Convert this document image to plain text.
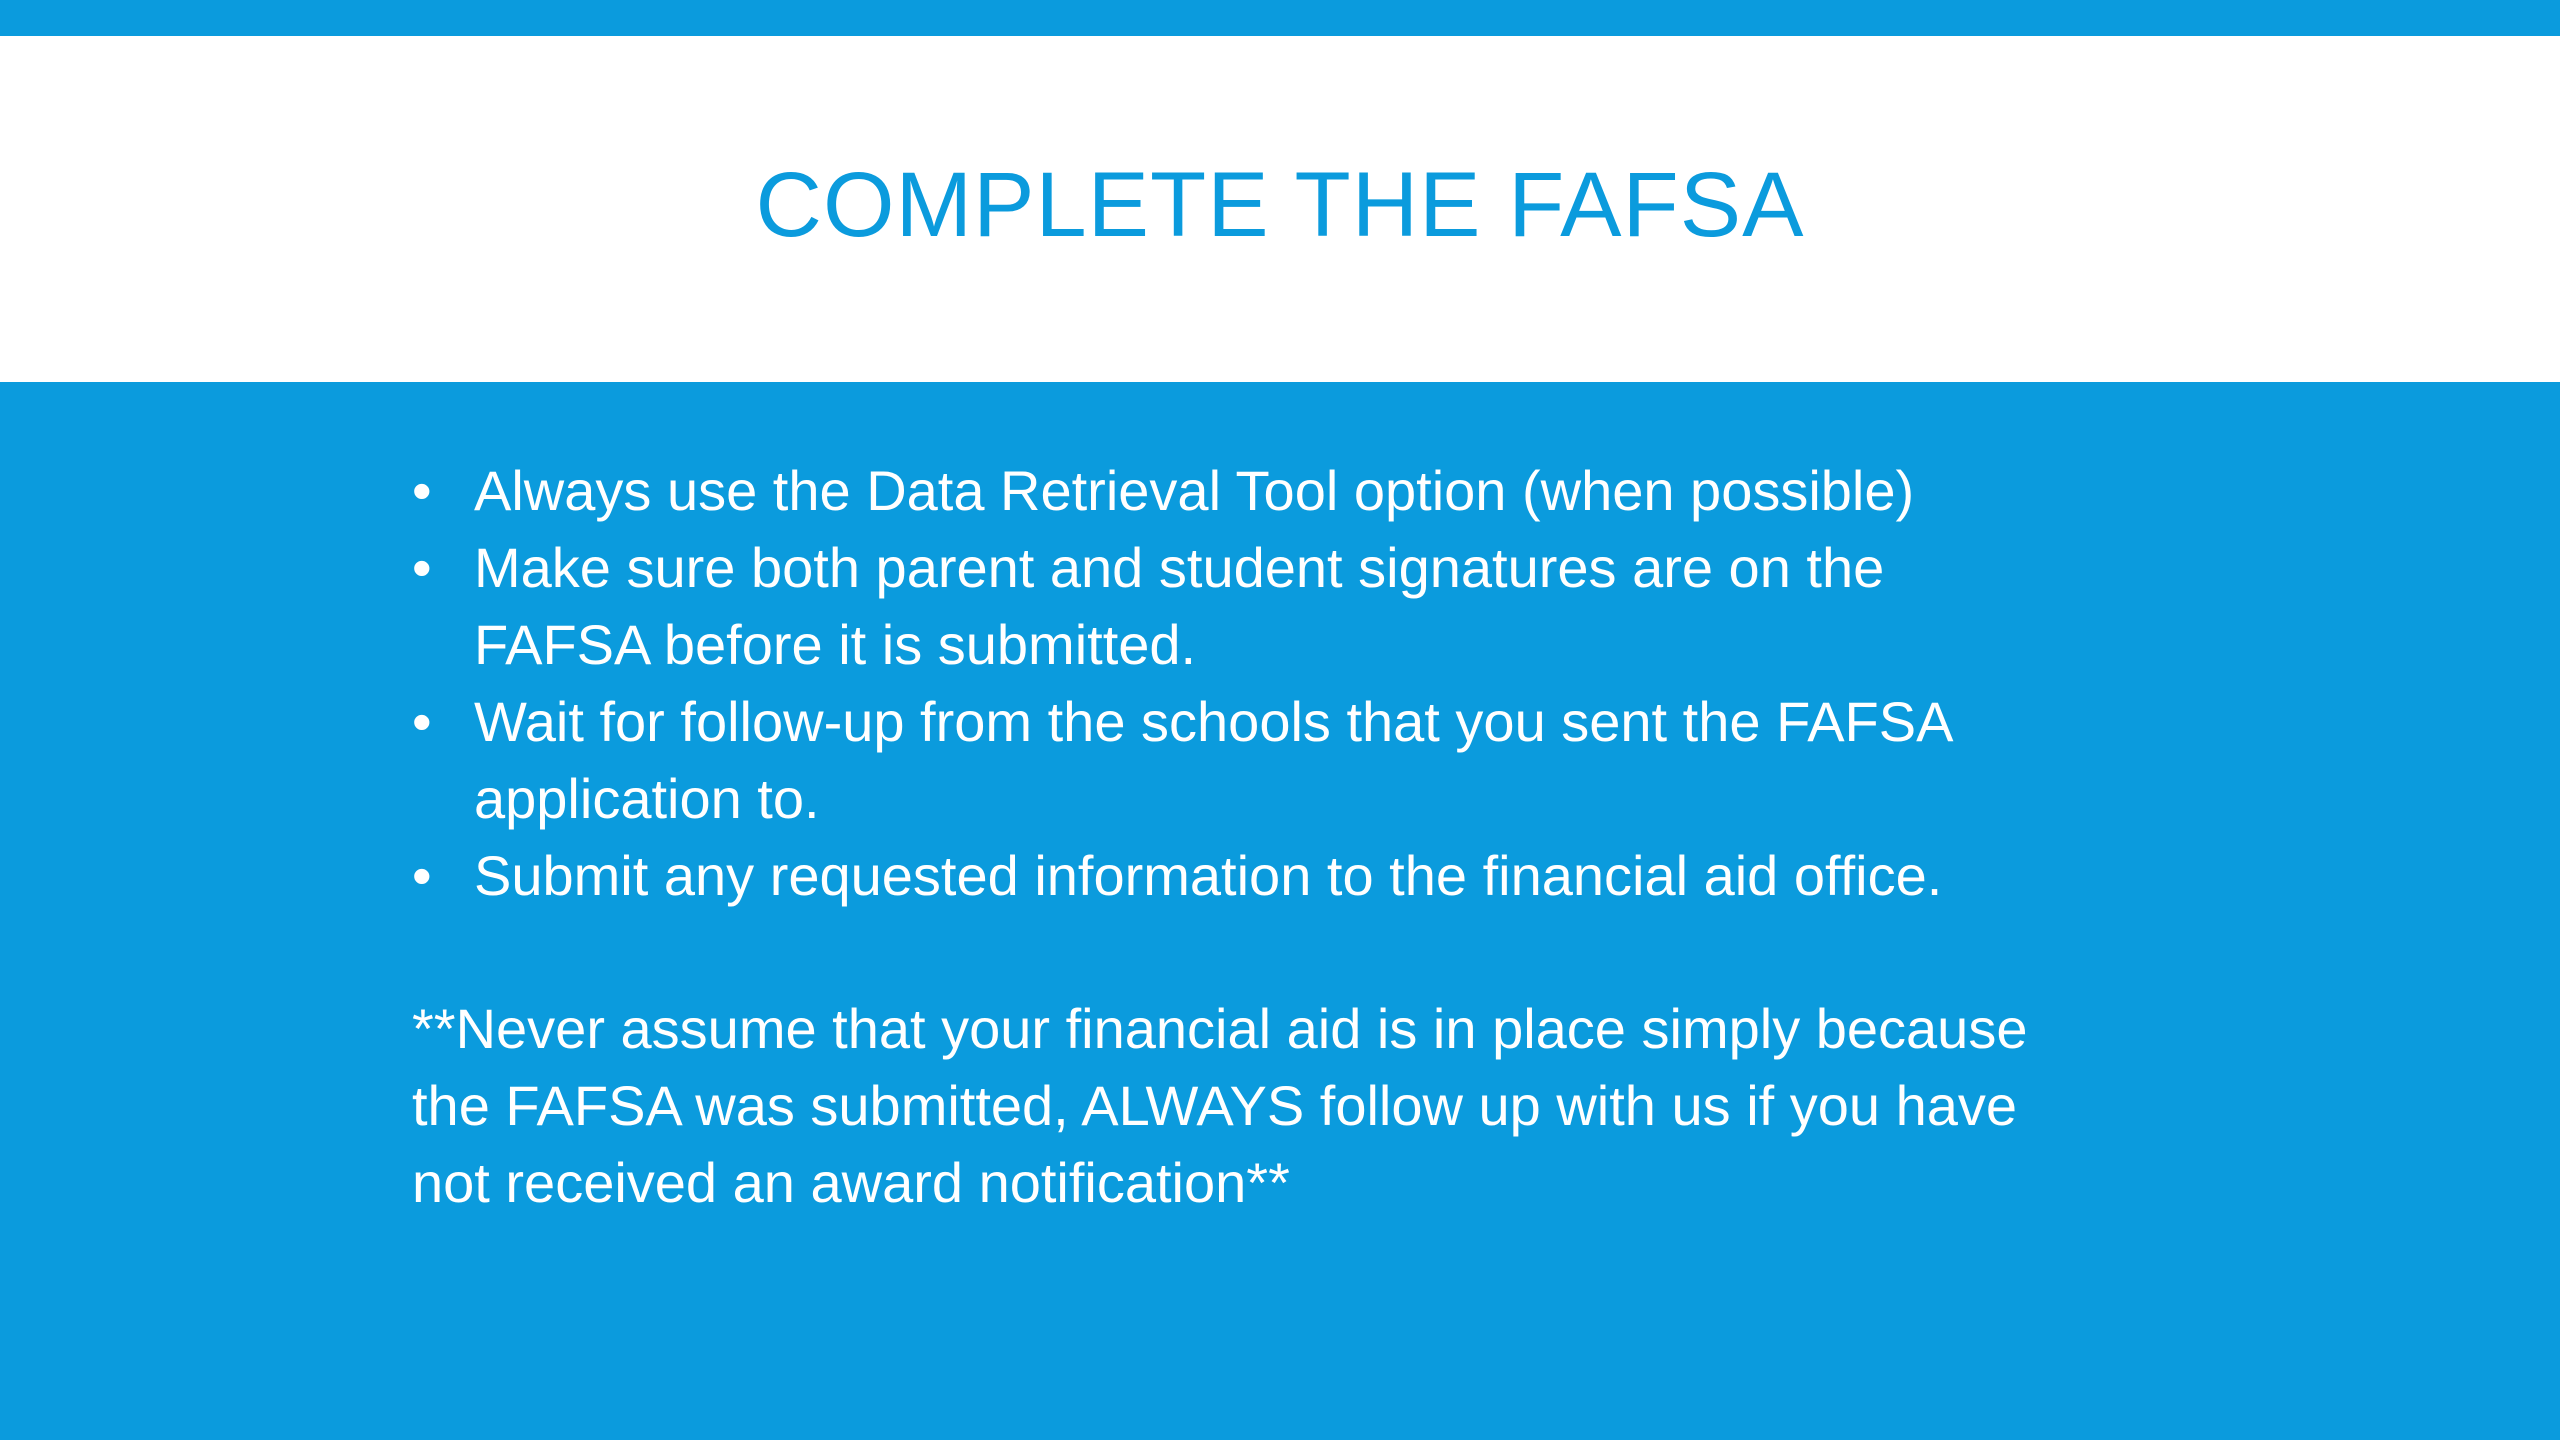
COMPLETE THE FAFSA
• Always use the Data Retrieval Tool option (when possible)
• Make sure both parent and student signatures are on the FAFSA before it is submitted.
• Wait for follow-up from the schools that you sent the FAFSA application to.
• Submit any requested information to the financial aid office.

**Never assume that your financial aid is in place simply because the FAFSA was submitted, ALWAYS follow up with us if you have not received an award notification**
